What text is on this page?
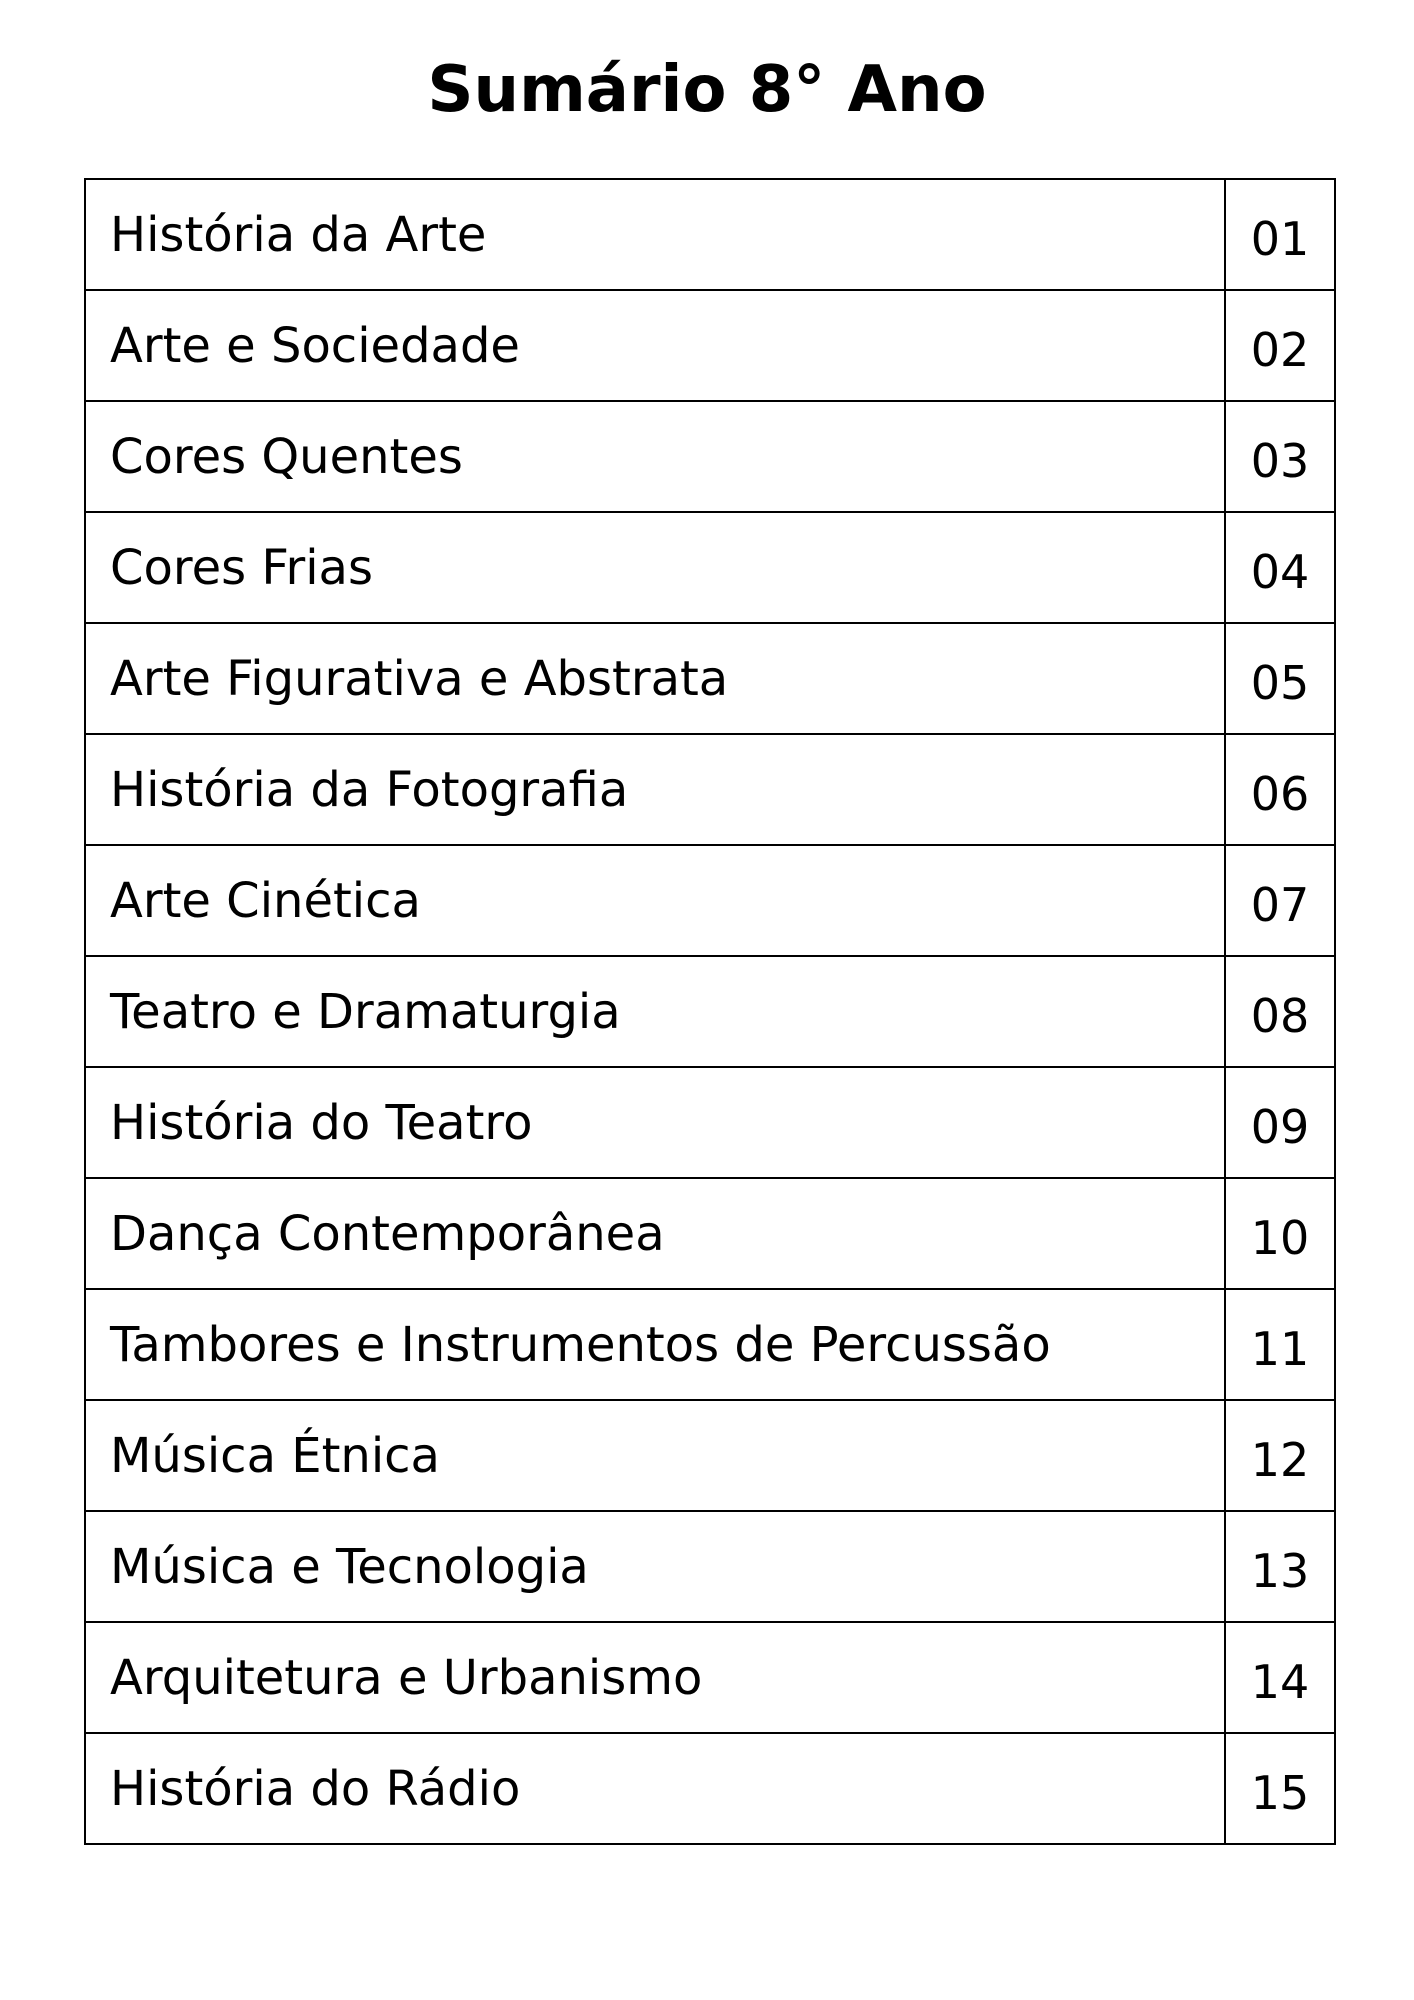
Sumário 8° Ano
História da Arte	01
Arte e Sociedade	02
Cores Quentes	03
Cores Frias	04
Arte Figurativa e Abstrata	05
História da Fotografia	06
Arte Cinética	07
Teatro e Dramaturgia	08
História do Teatro	09
Dança Contemporânea	10
Tambores e Instrumentos de Percussão	11
Música Étnica	12
Música e Tecnologia	13
Arquitetura e Urbanismo	14
História do Rádio	15
